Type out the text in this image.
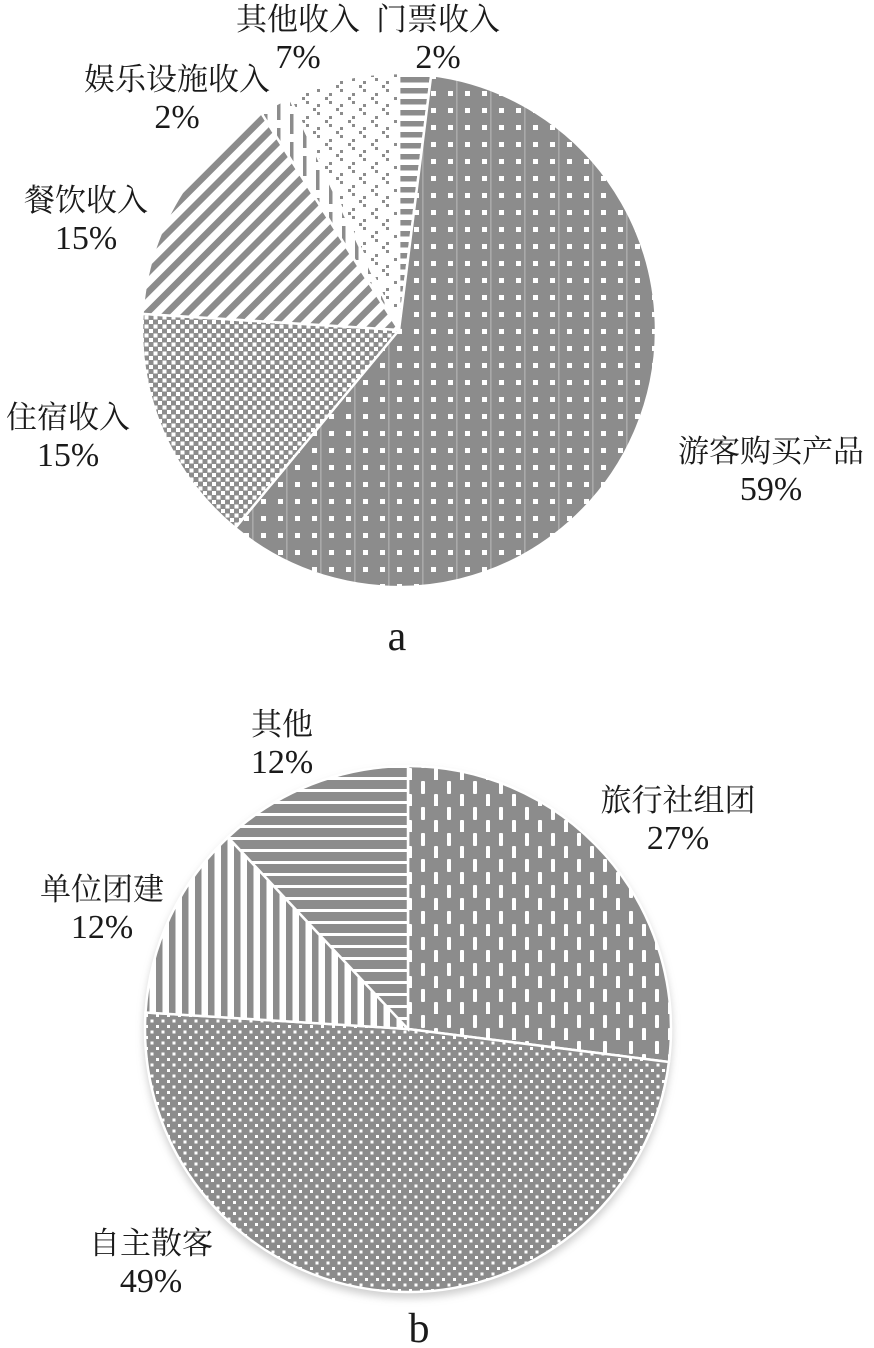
其他收入
7%
门票收入
2%
娱乐设施收入
2%
餐饮收入
15%
住宿收入
15%	游客购买产品
59%
a
其他
12%
旅行社组团
27%
单位团建
12%
自主散客
49%
b
